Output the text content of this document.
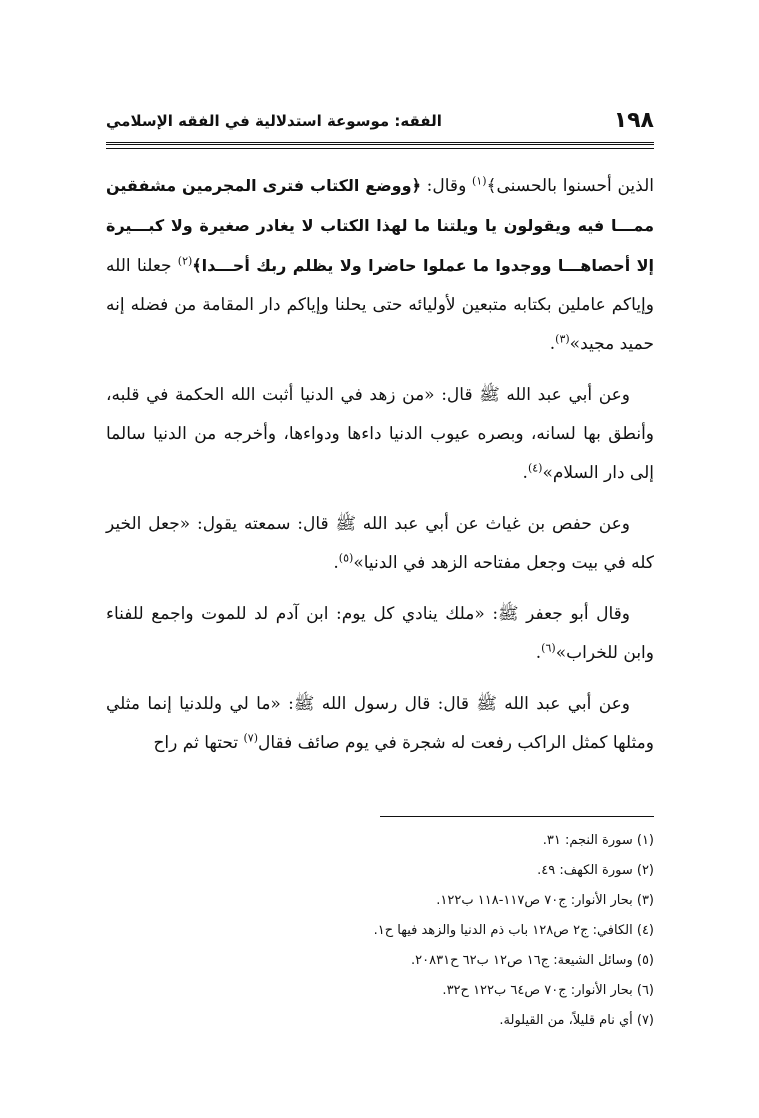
١٩٨
الفقه: موسوعة استدلالية في الفقه الإسلامي

الذين أحسنوا بالحسنى﴾$^{(١)}$ وقال: ﴿ووضع الكتاب فترى المجرمين مشفقين ممـــا فيه ويقولون يا ويلتنا ما لهذا الكتاب لا يغادر صغيرة ولا كبـــيرة إلا أحصاهـــا ووجدوا ما عملوا حاضرا ولا يظلم ربك أحـــدا﴾$^{(٢)}$ جعلنا الله وإياكم عاملين بكتابه متبعين لأوليائه حتى يحلنا وإياكم دار المقامة من فضله إنه حميد مجيد»$^{(٣)}$.

وعن أبي عبد الله ﷺ قال: «من زهد في الدنيا أثبت الله الحكمة في قلبه، وأنطق بها لسانه، وبصره عيوب الدنيا داءها ودواءها، وأخرجه من الدنيا سالما إلى دار السلام»$^{(٤)}$.

وعن حفص بن غياث عن أبي عبد الله ﷺ قال: سمعته يقول: «جعل الخير كله في بيت وجعل مفتاحه الزهد في الدنيا»$^{(٥)}$.

وقال أبو جعفر ﷺ: «ملك ينادي كل يوم: ابن آدم لد للموت واجمع للفناء وابن للخراب»$^{(٦)}$.

وعن أبي عبد الله ﷺ قال: قال رسول الله ﷺ: «ما لي وللدنيا إنما مثلي ومثلها كمثل الراكب رفعت له شجرة في يوم صائف فقال$^{(٧)}$ تحتها ثم راح

(١) سورة النجم: ٣١.
(٢) سورة الكهف: ٤٩.
(٣) بحار الأنوار: ج٧٠ ص١١٧-١١٨ ب١٢٢.
(٤) الكافي: ج٢ ص١٢٨ باب ذم الدنيا والزهد فيها ح١.
(٥) وسائل الشيعة: ج١٦ ص١٢ ب٦٢ ح٢٠٨٣١.
(٦) بحار الأنوار: ج٧٠ ص٦٤ ب١٢٢ ح٣٢.
(٧) أي نام قليلاً، من القيلولة.
